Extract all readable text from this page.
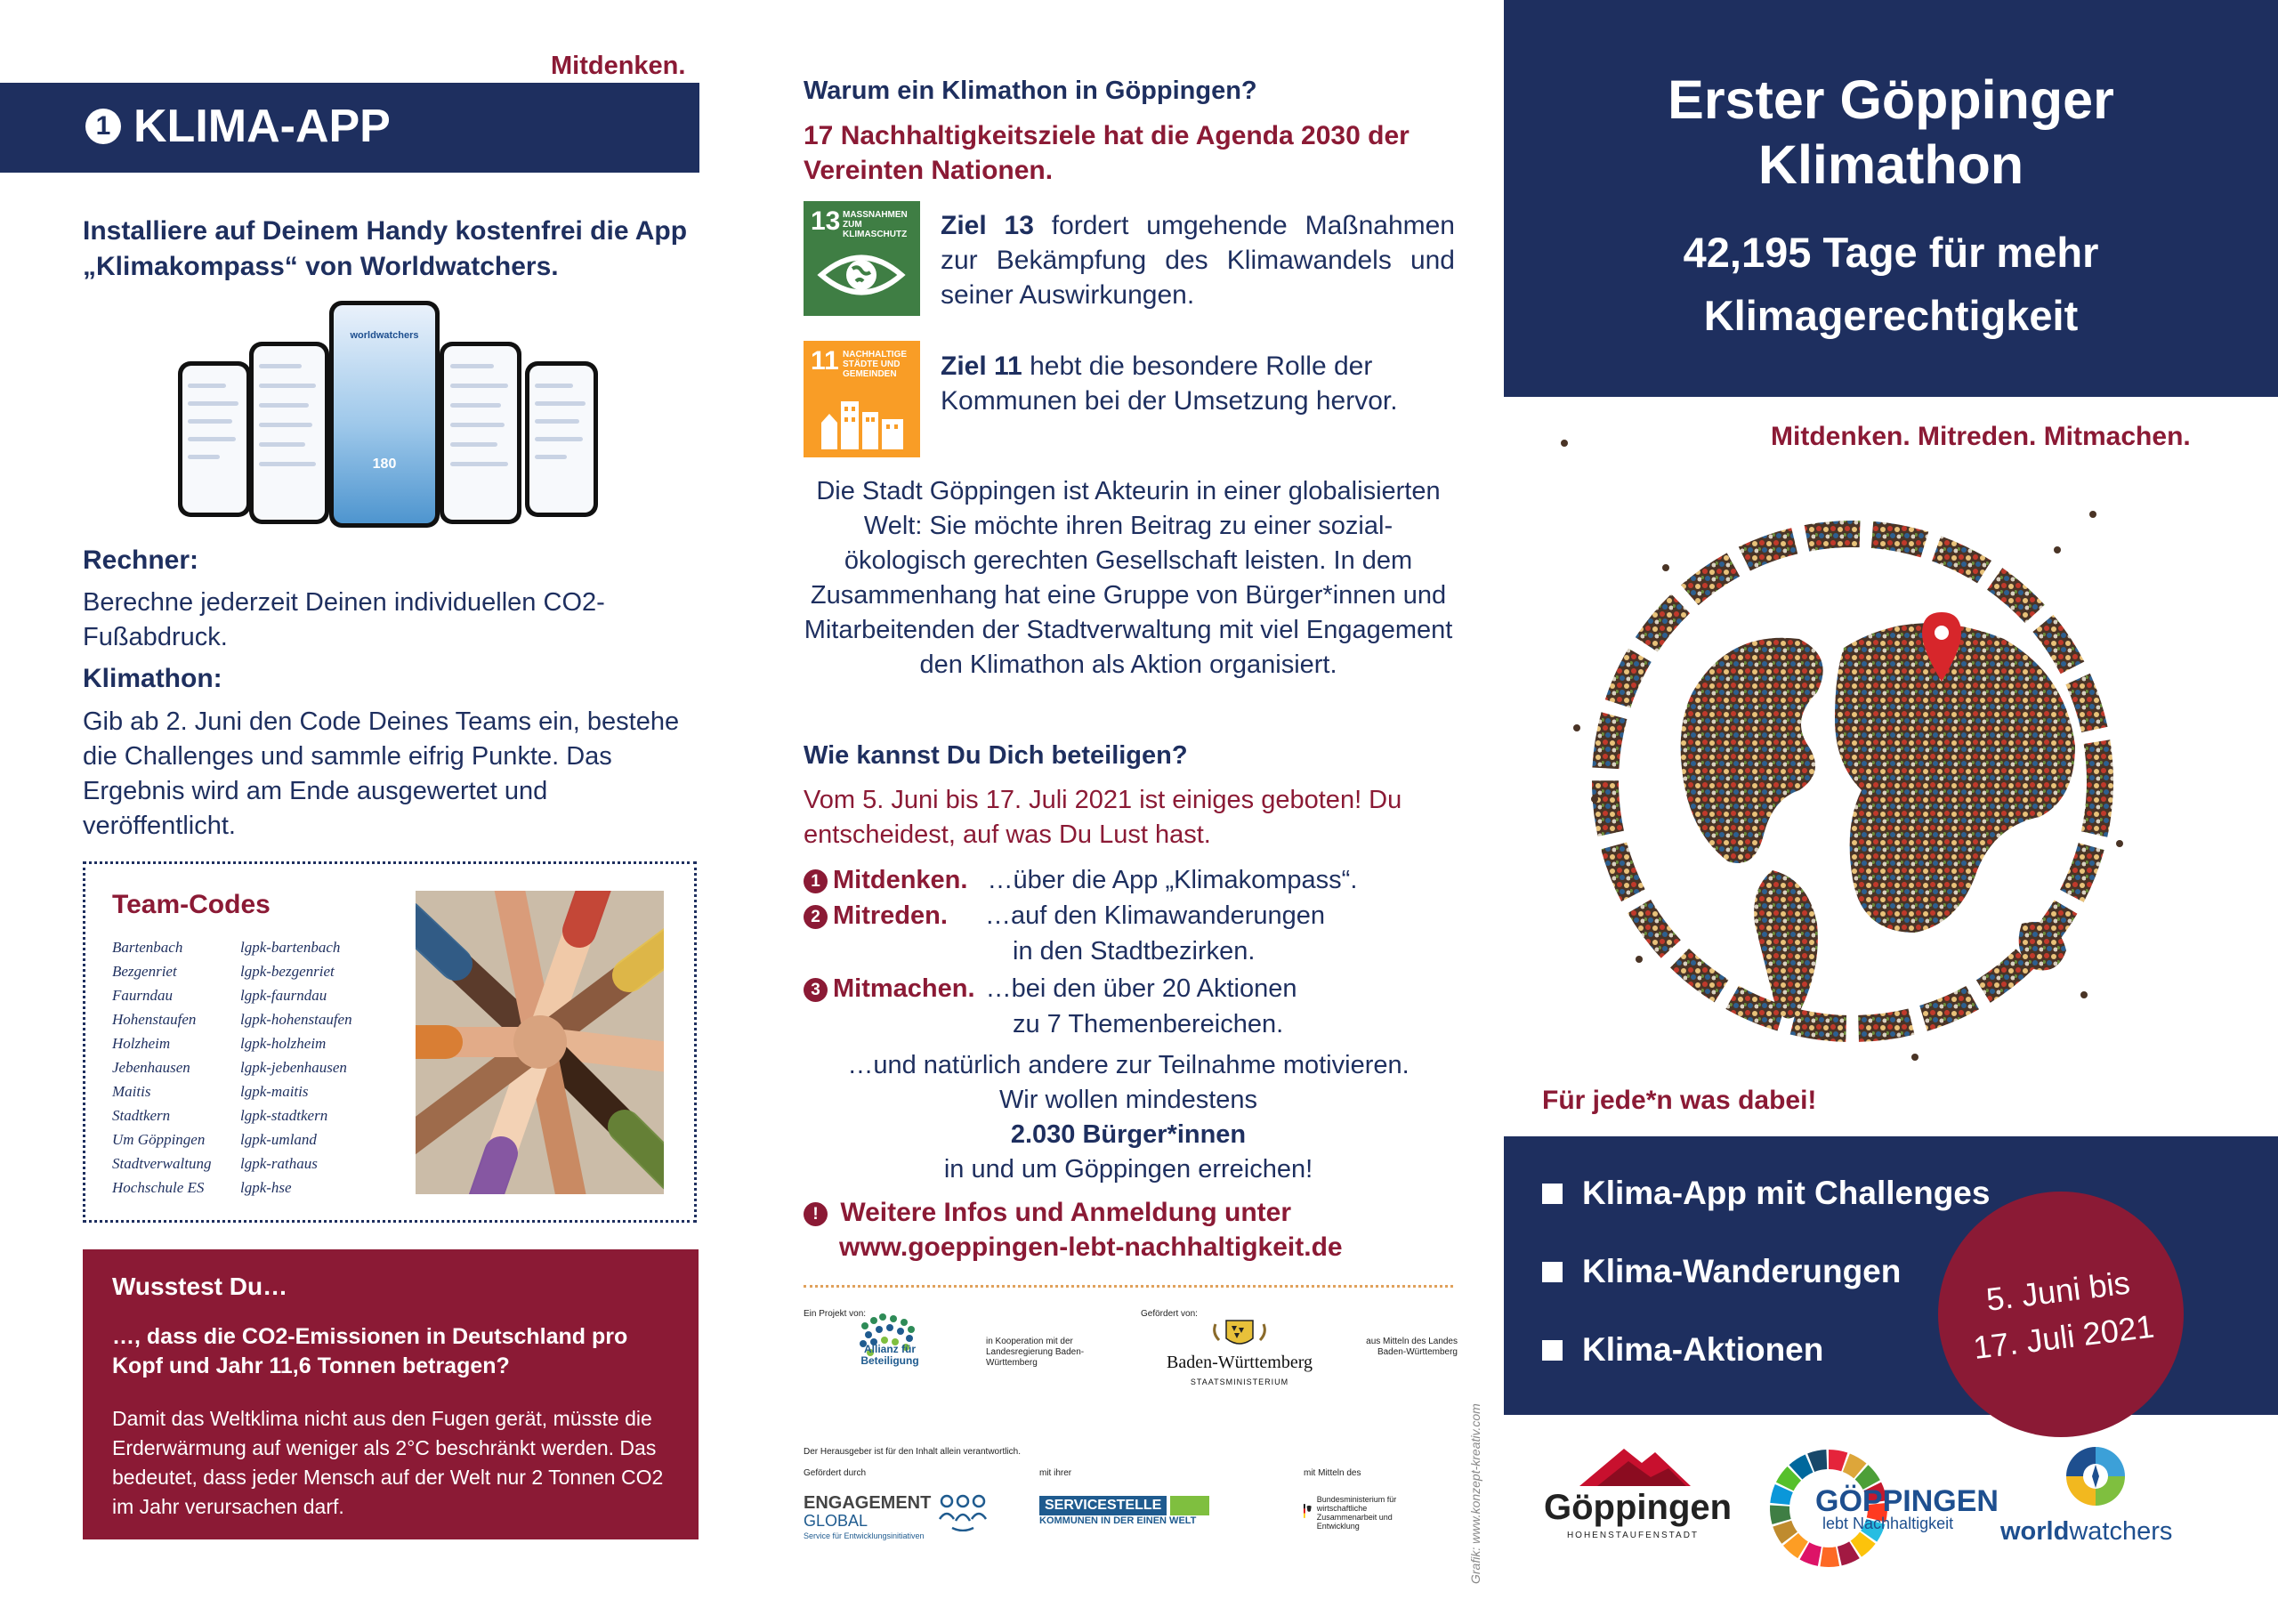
Mitdenken.
1 KLIMA-APP
Installiere auf Deinem Handy kostenfrei die App „Klimakompass“ von Worldwatchers.
worldwatchers
180
Rechner:
Berechne jederzeit Deinen individuellen CO2-Fußabdruck.
Klimathon:
Gib ab 2. Juni den Code Deines Teams ein, bestehe die Challenges und sammle eifrig Punkte. Das Ergebnis wird am Ende ausgewertet und veröffentlicht.
Team-Codes
Bartenbach	lgpk-bartenbach
Bezgenriet	lgpk-bezgenriet
Faurndau	lgpk-faurndau
Hohenstaufen	lgpk-hohenstaufen
Holzheim	lgpk-holzheim
Jebenhausen	lgpk-jebenhausen
Maitis	lgpk-maitis
Stadtkern	lgpk-stadtkern
Um Göppingen	lgpk-umland
Stadtverwaltung	lgpk-rathaus
Hochschule ES	lgpk-hse
Wusstest Du…
…, dass die CO2-Emissionen in Deutschland pro Kopf und Jahr 11,6 Tonnen betragen?
Damit das Weltklima nicht aus den Fugen gerät, müsste die Erderwärmung auf weniger als 2°C beschränkt werden. Das bedeutet, dass jeder Mensch auf der Welt nur 2 Tonnen CO2 im Jahr verursachen darf.
Warum ein Klimathon in Göppingen?
17 Nachhaltigkeitsziele hat die Agenda 2030 der Vereinten Nationen.
13 MASSNAHMEN ZUM KLIMASCHUTZ
11 NACHHALTIGE STÄDTE UND GEMEINDEN
Ziel 13 fordert umgehende Maßnahmen zur Bekämpfung des Klimawandels und seiner Auswirkungen.
Ziel 11 hebt die besondere Rolle der Kommunen bei der Umsetzung hervor.
Die Stadt Göppingen ist Akteurin in einer globalisierten Welt: Sie möchte ihren Beitrag zu einer sozial-ökologisch gerechten Gesellschaft leisten. In dem Zusammenhang hat eine Gruppe von Bürger*innen und Mitarbeitenden der Stadtverwaltung mit viel Engagement den Klimathon als Aktion organisiert.
Wie kannst Du Dich beteiligen?
Vom 5. Juni bis 17. Juli 2021 ist einiges geboten! Du entscheidest, auf was Du Lust hast.
1 Mitdenken. …über die App „Klimakompass“.
2 Mitreden. …auf den Klimawanderungen
in den Stadtbezirken.
3 Mitmachen. …bei den über 20 Aktionen
zu 7 Themenbereichen.
…und natürlich andere zur Teilnahme motivieren.
Wir wollen mindestens
2.030 Bürger*innen
in und um Göppingen erreichen!
! Weitere Infos und Anmeldung unter
www.goeppingen-lebt-nachhaltigkeit.de
Ein Projekt von:
Allianz für Beteiligung
in Kooperation mit der Landesregierung Baden-Württemberg
Gefördert von:
Baden-Württemberg
STAATSMINISTERIUM
aus Mitteln des Landes Baden-Württemberg
Der Herausgeber ist für den Inhalt allein verantwortlich.
Gefördert durch	mit ihrer	mit Mitteln des
ENGAGEMENT
GLOBAL
Service für Entwicklungsinitiativen
SERVICESTELLE
KOMMUNEN IN DER EINEN WELT
Bundesministerium für wirtschaftliche Zusammenarbeit und Entwicklung	Grafik: www.konzept-kreativ.com
Erster Göppinger
Klimathon
42,195 Tage für mehr
Klimagerechtigkeit
Mitdenken. Mitreden. Mitmachen.
Für jede*n was dabei!
Klima-App mit Challenges
Klima-Wanderungen
Klima-Aktionen
5. Juni bis
17. Juli 2021
Göppingen
HOHENSTAUFENSTADT
GÖPPINGEN
lebt Nachhaltigkeit worldwatchers
